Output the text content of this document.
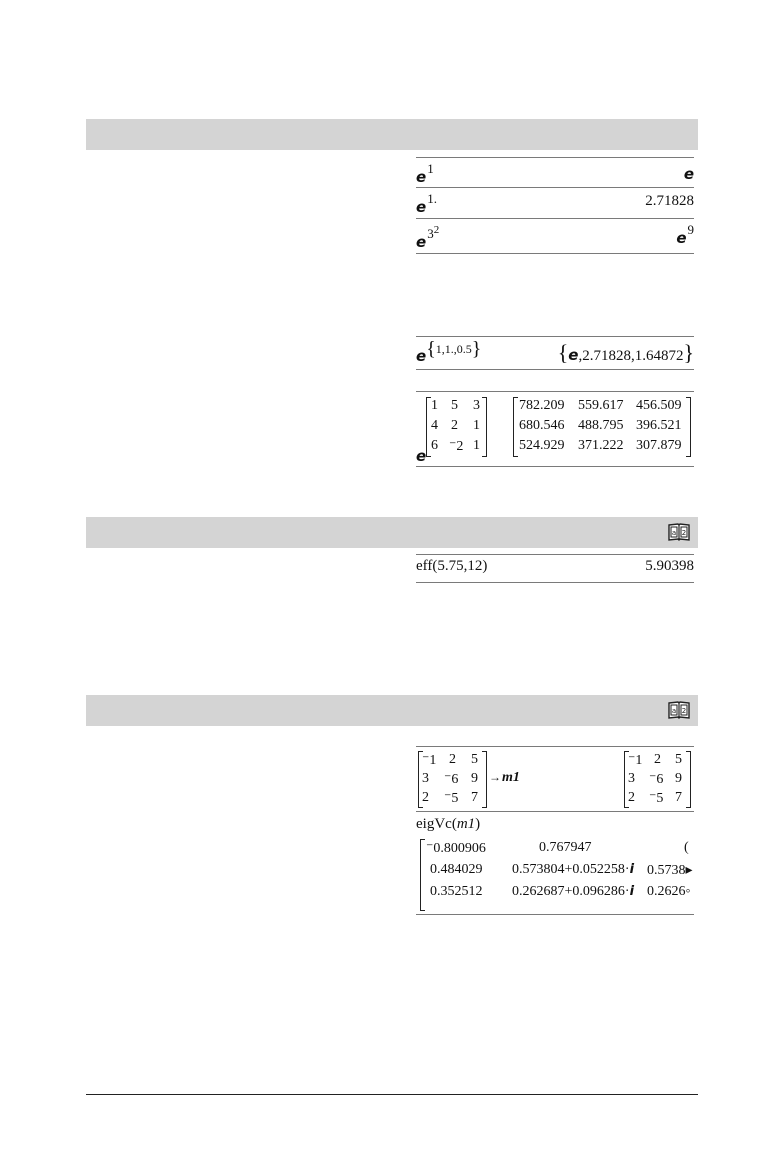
$e^1$	e
$e^{1.}$	2.71828
$e^{32}$	$e^9$
e{$^{1,1.,0.5}$}	{e,2.71828,1.64872}
e
1 5 3
4 2 1
6 ⁻2 1
782.209 559.617 456.509
680.546 488.795 396.521
524.929 371.222 307.879
a 2
eff(5.75,12)	5.90398
a 2
⁻1 2 5
3 ⁻6 9
2 ⁻5 7
→ m1
⁻1 2 5
3 ⁻6 9
2 ⁻5 7
eigVc(m1)
⁻0.800906	0.767947	(
0.484029 0.573804+0.052258·i 0.5738▸
0.352512 0.262687+0.096286·i 0.2626◦
